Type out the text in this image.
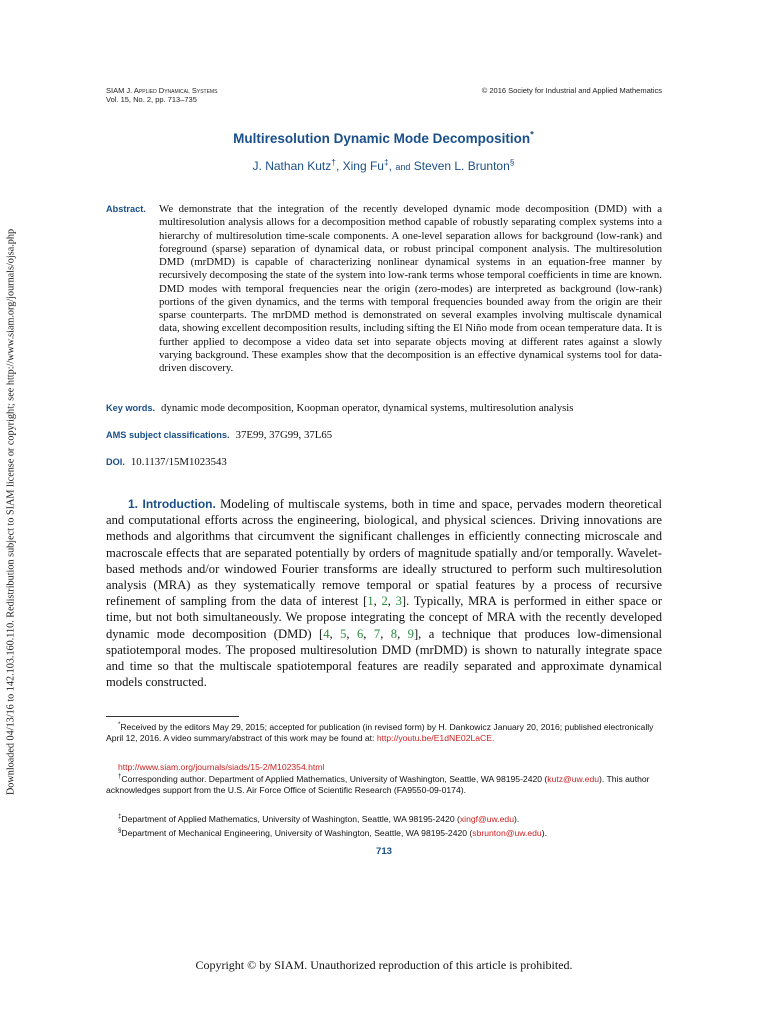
Downloaded 04/13/16 to 142.103.160.110. Redistribution subject to SIAM license or copyright; see http://www.siam.org/journals/ojsa.php
SIAM J. Applied Dynamical Systems
Vol. 15, No. 2, pp. 713–735
© 2016 Society for Industrial and Applied Mathematics
Multiresolution Dynamic Mode Decomposition*
J. Nathan Kutz†, Xing Fu‡, and Steven L. Brunton§
Abstract. We demonstrate that the integration of the recently developed dynamic mode decomposition (DMD) with a multiresolution analysis allows for a decomposition method capable of robustly separating complex systems into a hierarchy of multiresolution time-scale components. A one-level separation allows for background (low-rank) and foreground (sparse) separation of dynamical data, or robust principal component analysis. The multiresolution DMD (mrDMD) is capable of characterizing nonlinear dynamical systems in an equation-free manner by recursively decomposing the state of the system into low-rank terms whose temporal coefficients in time are known. DMD modes with temporal frequencies near the origin (zero-modes) are interpreted as background (low-rank) portions of the given dynamics, and the terms with temporal frequencies bounded away from the origin are their sparse counterparts. The mrDMD method is demonstrated on several examples involving multiscale dynamical data, showing excellent decomposition results, including sifting the El Niño mode from ocean temperature data. It is further applied to decompose a video data set into separate objects moving at different rates against a slowly varying background. These examples show that the decomposition is an effective dynamical systems tool for data-driven discovery.
Key words. dynamic mode decomposition, Koopman operator, dynamical systems, multiresolution analysis
AMS subject classifications. 37E99, 37G99, 37L65
DOI. 10.1137/15M1023543
1. Introduction. Modeling of multiscale systems, both in time and space, pervades modern theoretical and computational efforts across the engineering, biological, and physical sciences. Driving innovations are methods and algorithms that circumvent the significant challenges in efficiently connecting microscale and macroscale effects that are separated potentially by orders of magnitude spatially and/or temporally. Wavelet-based methods and/or windowed Fourier transforms are ideally structured to perform such multiresolution analysis (MRA) as they systematically remove temporal or spatial features by a process of recursive refinement of sampling from the data of interest [1, 2, 3]. Typically, MRA is performed in either space or time, but not both simultaneously. We propose integrating the concept of MRA with the recently developed dynamic mode decomposition (DMD) [4, 5, 6, 7, 8, 9], a technique that produces low-dimensional spatiotemporal modes. The proposed multiresolution DMD (mrDMD) is shown to naturally integrate space and time so that the multiscale spatiotemporal features are readily separated and approximate dynamical models constructed.
*Received by the editors May 29, 2015; accepted for publication (in revised form) by H. Dankowicz January 20, 2016; published electronically April 12, 2016. A video summary/abstract of this work may be found at: http://youtu.be/E1dNE02LaCE.
http://www.siam.org/journals/siads/15-2/M102354.html
†Corresponding author. Department of Applied Mathematics, University of Washington, Seattle, WA 98195-2420 (kutz@uw.edu). This author acknowledges support from the U.S. Air Force Office of Scientific Research (FA9550-09-0174).
‡Department of Applied Mathematics, University of Washington, Seattle, WA 98195-2420 (xingf@uw.edu).
§Department of Mechanical Engineering, University of Washington, Seattle, WA 98195-2420 (sbrunton@uw.edu).
713
Copyright © by SIAM. Unauthorized reproduction of this article is prohibited.
